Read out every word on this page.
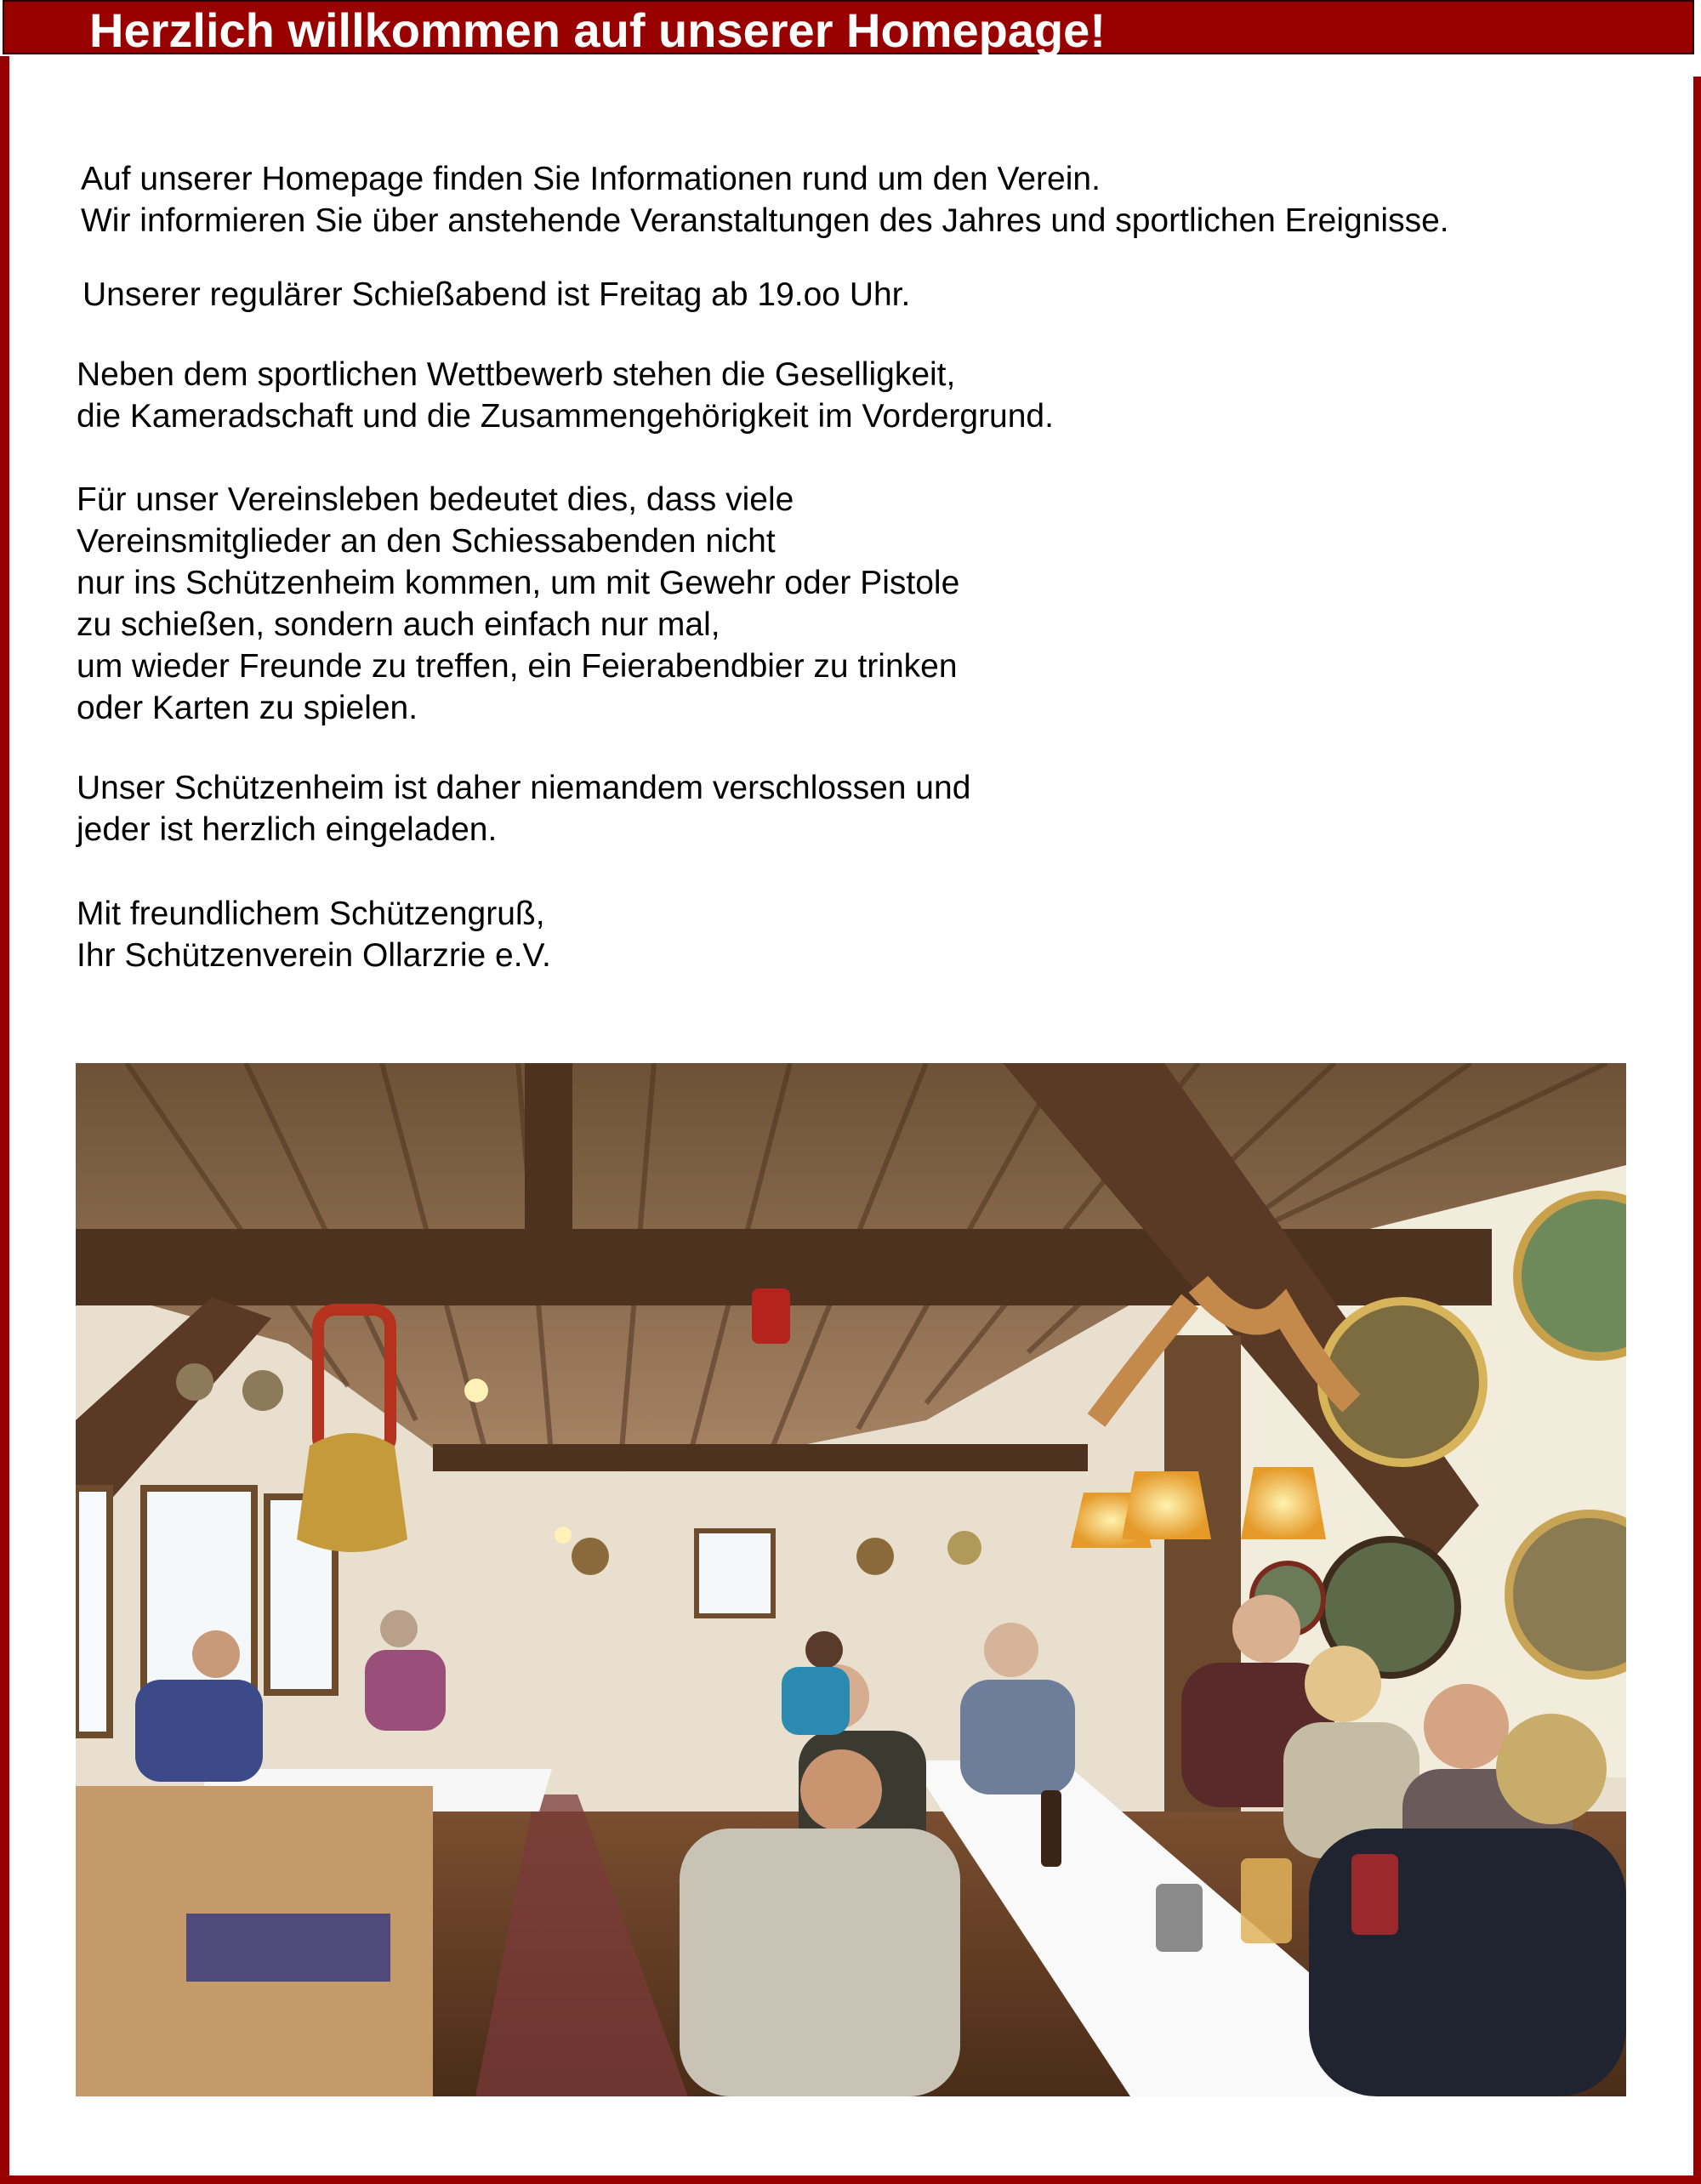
Herzlich willkommen auf unserer Homepage!
Auf unserer Homepage finden Sie Informationen rund um den Verein.
Wir informieren Sie über anstehende Veranstaltungen des Jahres und sportlichen Ereignisse.
Unserer regulärer Schießabend ist Freitag ab 19.oo Uhr.
Neben dem sportlichen Wettbewerb stehen die Geselligkeit,
die Kameradschaft und die Zusammengehörigkeit im Vordergrund.
Für unser Vereinsleben bedeutet dies, dass viele
Vereinsmitglieder an den Schiessabenden nicht
nur ins Schützenheim kommen, um mit Gewehr oder Pistole
zu schießen, sondern auch einfach nur mal,
um wieder Freunde zu treffen, ein Feierabendbier zu trinken
oder Karten zu spielen.
Unser Schützenheim ist daher niemandem verschlossen und
jeder ist herzlich eingeladen.
Mit freundlichem Schützengruß,
Ihr Schützenverein Ollarzrie e.V.
